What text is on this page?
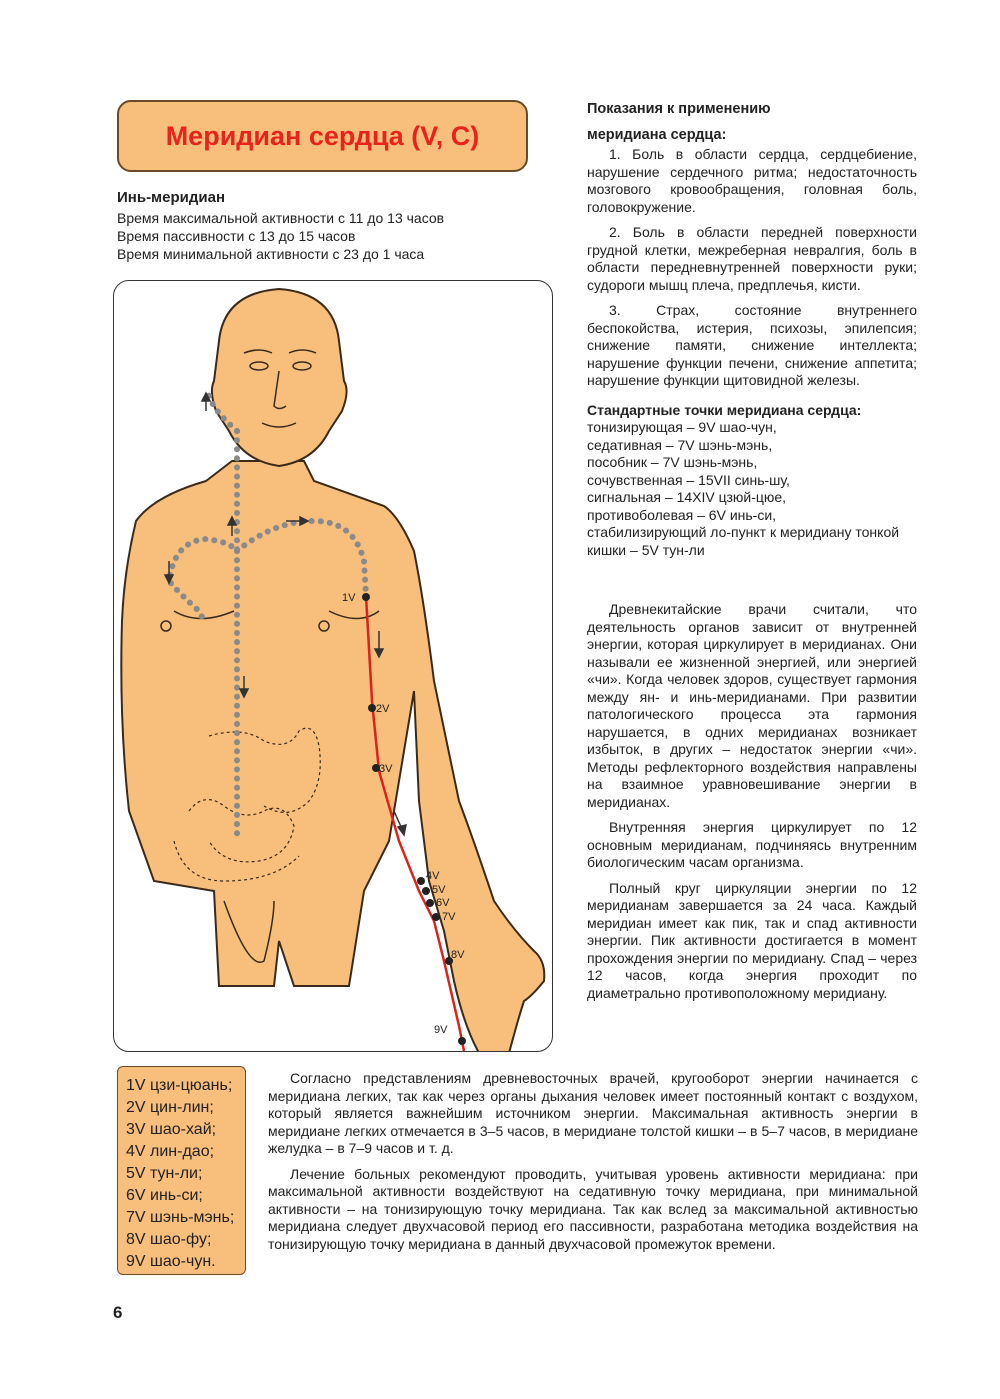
Меридиан сердца (V, C)
Инь-меридиан
Время максимальной активности с 11 до 13 часов
Время пассивности с 13 до 15 часов
Время минимальной активности с 23 до 1 часа
1V
2V
3V
4V
5V
6V
7V
8V
9V

Показания к применению

меридиана сердца:

1. Боль в области сердца, сердцебиение, нарушение сердечного ритма; недостаточность мозгового кровообращения, головная боль, головокружение.

2. Боль в области передней поверхности грудной клетки, межреберная невралгия, боль в области передневнутренней поверхности руки; судороги мышц плеча, предплечья, кисти.

3. Страх, состояние внутреннего беспокойства, истерия, психозы, эпилепсия; снижение памяти, снижение интеллекта; нарушение функции печени, снижение аппетита; нарушение функции щитовидной железы.

Стандартные точки меридиана сердца:
тонизирующая – 9V шао-чун,
седативная – 7V шэнь-мэнь,
пособник – 7V шэнь-мэнь,
сочувственная – 15VII синь-шу,
сигнальная – 14XIV цзюй-цюе,
противоболевая – 6V инь-си,
стабилизирующий ло-пункт к меридиану тонкой кишки – 5V тун-ли

Древнекитайские врачи считали, что деятельность органов зависит от внутренней энергии, которая циркулирует в меридианах. Они называли ее жизненной энергией, или энергией «чи». Когда человек здоров, существует гармония между ян- и инь-меридианами. При развитии патологического процесса эта гармония нарушается, в одних меридианах возникает избыток, в других – недостаток энергии «чи». Методы рефлекторного воздействия направлены на взаимное уравновешивание энергии в меридианах.

Внутренняя энергия циркулирует по 12 основным меридианам, подчиняясь внутренним биологическим часам организма.

Полный круг циркуляции энергии по 12 меридианам завершается за 24 часа. Каждый меридиан имеет как пик, так и спад активности энергии. Пик активности достигается в момент прохождения энергии по меридиану. Спад – через 12 часов, когда энергия проходит по диаметрально противоположному меридиану.

1V цзи-цюань;
2V цин-лин;
3V шао-хай;
4V лин-дао;
5V тун-ли;
6V инь-си;
7V шэнь-мэнь;
8V шао-фу;
9V шао-чун.

Согласно представлениям древневосточных врачей, кругооборот энергии начинается с меридиана легких, так как через органы дыхания человек имеет постоянный контакт с воздухом, который является важнейшим источником энергии. Максимальная активность энергии в меридиане легких отмечается в 3–5 часов, в меридиане толстой кишки – в 5–7 часов, в меридиане желудка – в 7–9 часов и т. д.

Лечение больных рекомендуют проводить, учитывая уровень активности меридиана: при максимальной активности воздействуют на седативную точку меридиана, при минимальной активности – на тонизирующую точку меридиана. Так как вслед за максимальной активностью меридиана следует двухчасовой период его пассивности, разработана методика воздействия на тонизирующую точку меридиана в данный двухчасовой промежуток времени.

6
